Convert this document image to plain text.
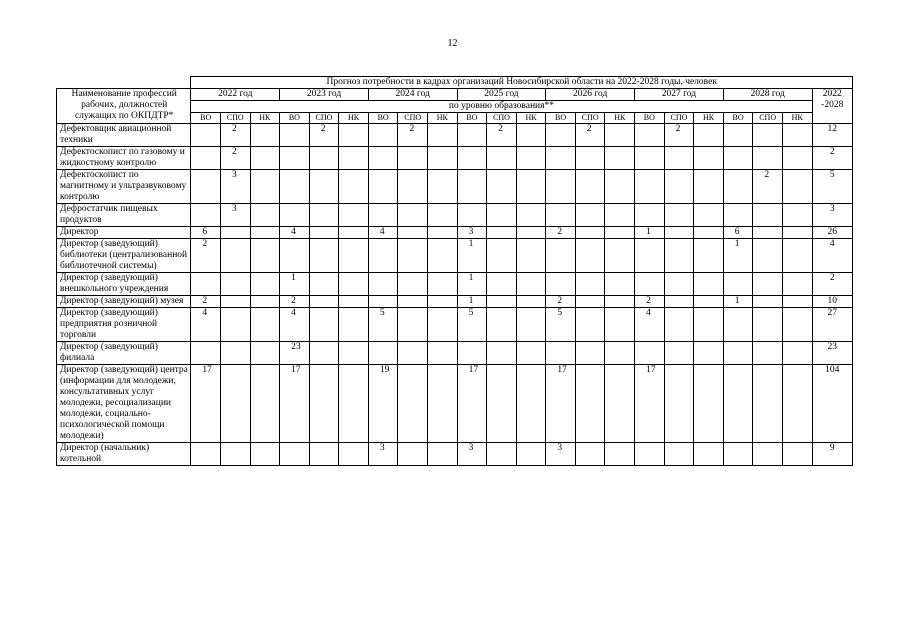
12
	Прогноз потребности в кадрах организаций Новосибирской области на 2022-2028 годы, человек																					
Наименование профессий рабочих, должностей служащих по ОКПДТР*	2022 год			2023 год			2024 год			2025 год			2026 год			2027 год			2028 год			2022 -2028
	по уровню образования**																					
	ВО	СПО	НК	ВО	СПО	НК	ВО	СПО	НК	ВО	СПО	НК	ВО	СПО	НК	ВО	СПО	НК	ВО	СПО	НК	
Дефектовщик авиационной техники		2			2			2			2			2			2					12
Дефектоскопист по газовому и жидкостному контролю		2																				2
Дефектоскопист по магнитному и ультразвуковому контролю		3																		2		5
Дефростатчик пищевых продуктов		3																				3
Директор	6			4			4			3			2			1			6			26
Директор (заведующий) библиотеки (централизованной библиотечной системы)	2									1									1			4
Директор (заведующий) внешкольного учреждения				1						1												2
Директор (заведующий) музея	2			2						1			2			2			1			10
Директор (заведующий) предприятия розничной торговли	4			4			5			5			5			4						27
Директор (заведующий) филиала				23																		23
Директор (заведующий) центра (информации для молодежи, консультативных услуг молодежи, ресоциализации молодежи, социально-психологической помощи молодежи)	17			17			19			17			17			17						104
Директор (начальник) котельной							3			3			3									9
